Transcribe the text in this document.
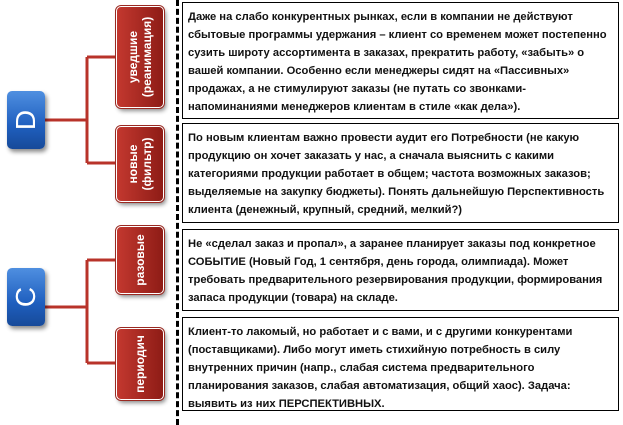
D
C
уведшие (реанимация)
новые (фильтр)
разовые
периодич

Даже на слабо конкурентных рынках, если в компании не действуют сбытовые программы удержания – клиент со временем может постепенно сузить широту ассортимента в заказах, прекратить работу, «забыть» о вашей компании. Особенно если менеджеры сидят на «Пассивных» продажах, а не стимулируют заказы (не путать со звонками-напоминаниями менеджеров клиентам в стиле «как дела»).

По новым клиентам важно провести аудит его Потребности (не какую продукцию он хочет заказать у нас, а сначала выяснить с какими категориями продукции работает в общем; частота возможных заказов; выделяемые на закупку бюджеты). Понять дальнейшую Перспективность клиента (денежный, крупный, средний, мелкий?)

Не «сделал заказ и пропал», а заранее планирует заказы под конкретное СОБЫТИЕ (Новый Год, 1 сентября, день города, олимпиада). Может требовать предварительного резервирования продукции, формирования запаса продукции (товара) на складе.

Клиент-то лакомый, но работает и с вами, и с другими конкурентами (поставщиками). Либо могут иметь стихийную потребность в силу внутренних причин (напр., слабая система предварительного планирования заказов, слабая автоматизация, общий хаос). Задача: выявить из них ПЕРСПЕКТИВНЫХ.
